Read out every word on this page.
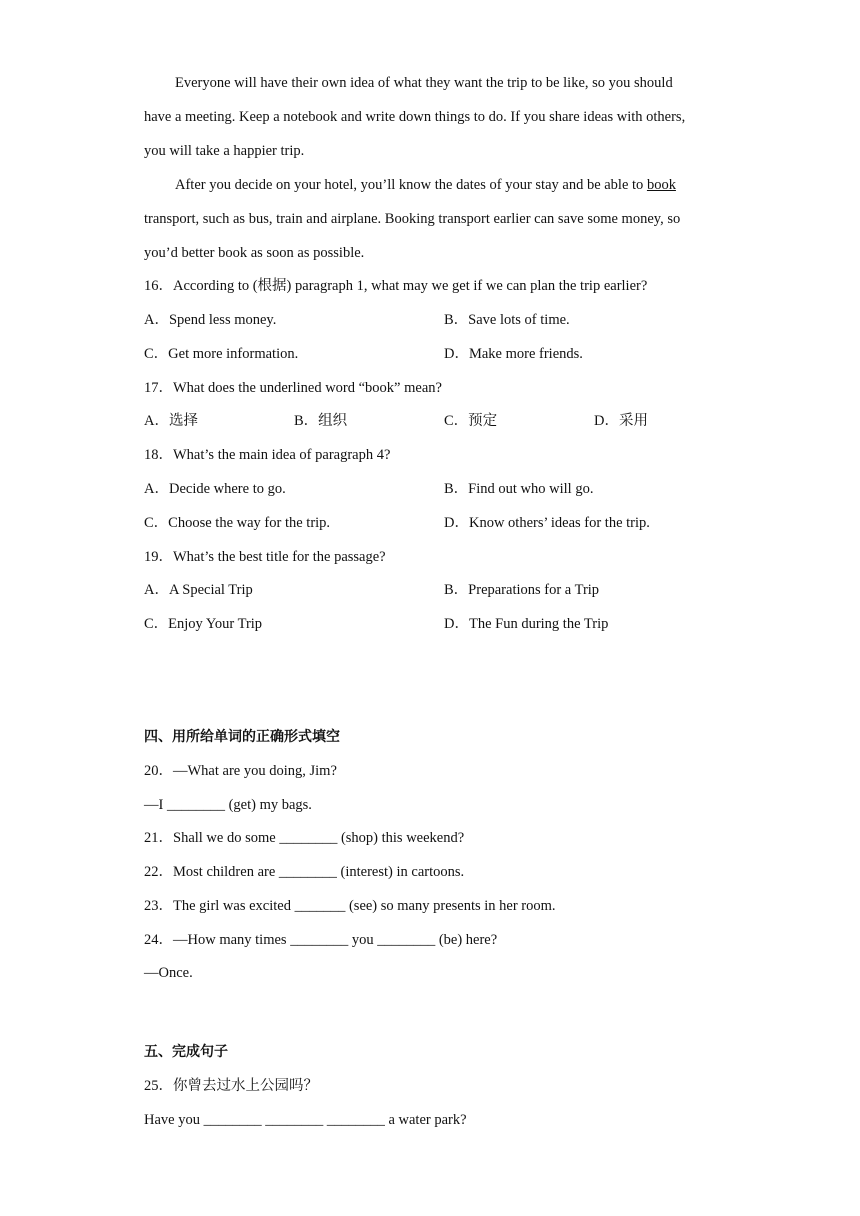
Everyone will have their own idea of what they want the trip to be like, so you should
have a meeting. Keep a notebook and write down things to do. If you share ideas with others,
you will take a happier trip.
After you decide on your hotel, you’ll know the dates of your stay and be able to book
transport, such as bus, train and airplane. Booking transport earlier can save some money, so
you’d better book as soon as possible.
16．According to (根据) paragraph 1, what may we get if we can plan the trip earlier?
A．Spend less money.	B．Save lots of time.
C．Get more information.	D．Make more friends.
17．What does the underlined word “book” mean?
A．选择	B．组织	C．预定	D．采用
18．What’s the main idea of paragraph 4?
A．Decide where to go.	B．Find out who will go.
C．Choose the way for the trip.	D．Know others’ ideas for the trip.
19．What’s the best title for the passage?
A．A Special Trip	B．Preparations for a Trip
C．Enjoy Your Trip	D．The Fun during the Trip
四、用所给单词的正确形式填空
20．—What are you doing, Jim?
—I ________ (get) my bags.
21．Shall we do some ________ (shop) this weekend?
22．Most children are ________ (interest) in cartoons.
23．The girl was excited _______ (see) so many presents in her room.
24．—How many times ________ you ________ (be) here?
—Once.
五、完成句子
25．你曾去过水上公园吗？
Have you ________ ________ ________ a water park?
